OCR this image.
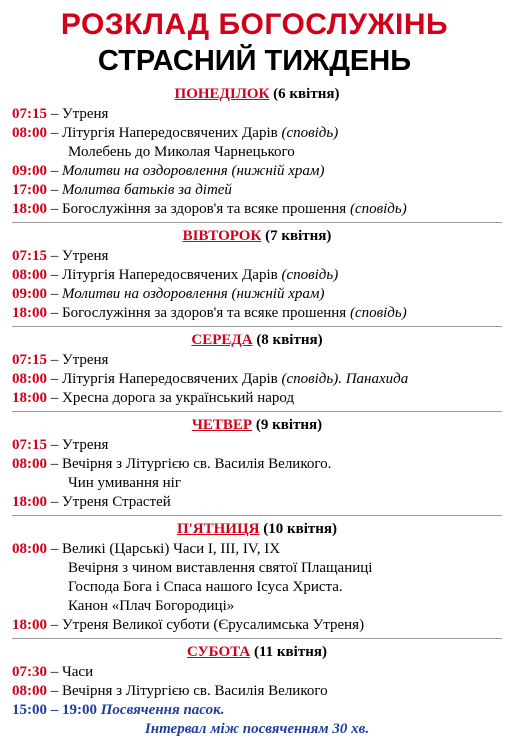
РОЗКЛАД БОГОСЛУЖІНЬ
СТРАСНИЙ ТИЖДЕНЬ
ПОНЕДІЛОК (6 квітня)
07:15 – Утреня
08:00 – Літургія Напередосвячених Дарів (сповідь)
Молебень до Миколая Чарнецького
09:00 – Молитви на оздоровлення (нижній храм)
17:00 – Молитва батьків за дітей
18:00 – Богослужіння за здоров'я та всяке прошення (сповідь)
ВІВТОРОК (7 квітня)
07:15 – Утреня
08:00 – Літургія Напередосвячених Дарів (сповідь)
09:00 – Молитви на оздоровлення (нижній храм)
18:00 – Богослужіння за здоров'я та всяке прошення (сповідь)
СЕРЕДА (8 квітня)
07:15 – Утреня
08:00 – Літургія Напередосвячених Дарів (сповідь). Панахида
18:00 – Хресна дорога за український народ
ЧЕТВЕР (9 квітня)
07:15 – Утреня
08:00 – Вечірня з Літургією св. Василія Великого.
Чин умивання ніг
18:00 – Утреня Страстей
П'ЯТНИЦЯ (10 квітня)
08:00 – Великі (Царські) Часи І, ІІІ, ІV, ІХ
Вечірня з чином виставлення святої Плащаниці
Господа Бога і Спаса нашого Ісуса Христа.
Канон «Плач Богородиці»
18:00 – Утреня Великої суботи (Єрусалимська Утреня)
СУБОТА (11 квітня)
07:30 – Часи
08:00 – Вечірня з Літургією св. Василія Великого
15:00 – 19:00 Посвячення пасок.
Інтервал між посвяченням 30 хв.
